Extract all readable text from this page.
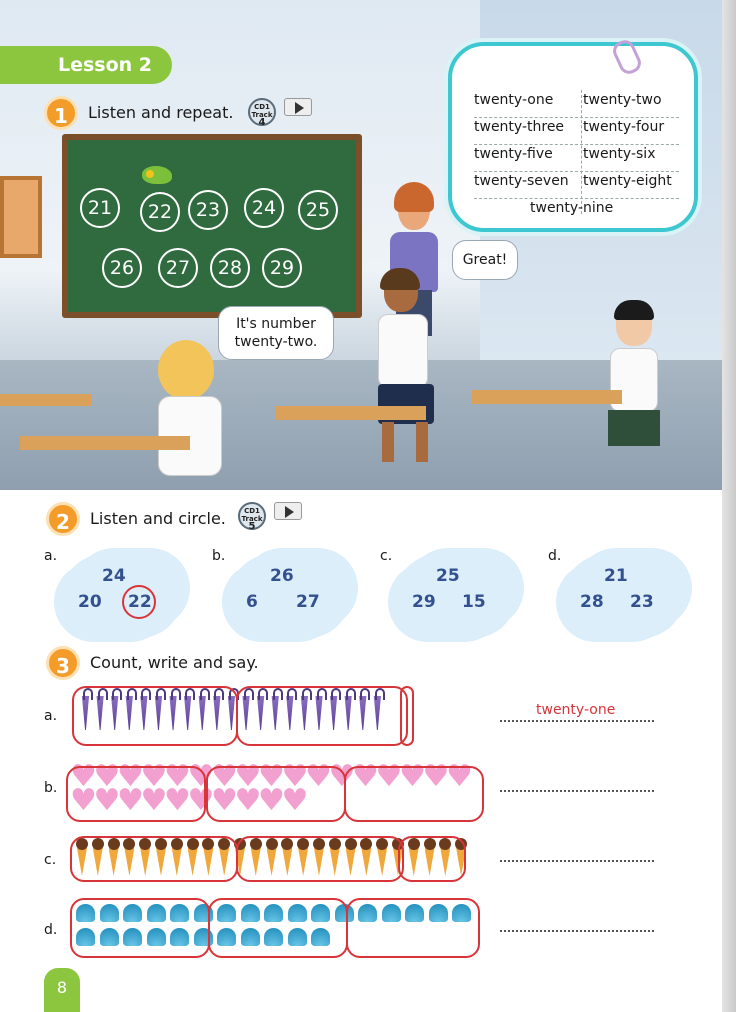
21	22	23	24	25
26	27	28	29
Lesson 2
1	Listen and repeat.	CD1
Track
4
twenty-one twenty-two
twenty-three twenty-four
twenty-five twenty-six
twenty-seven twenty-eight
twenty-nine
Great!
It's number
twenty-two.
2	Listen and circle.	CD1
Track
5
a.
24
20 22
b.
26
6 27
c.
25
29 15
d.
21
28 23
3	Count, write and say.
a.
b.
c.
d.
twenty-one
♥
♥
♥
♥
♥
♥
♥
♥
♥
♥
♥
♥
♥
♥
♥
♥
♥
♥
♥
♥
♥
♥
♥
♥
♥
♥
♥
8
